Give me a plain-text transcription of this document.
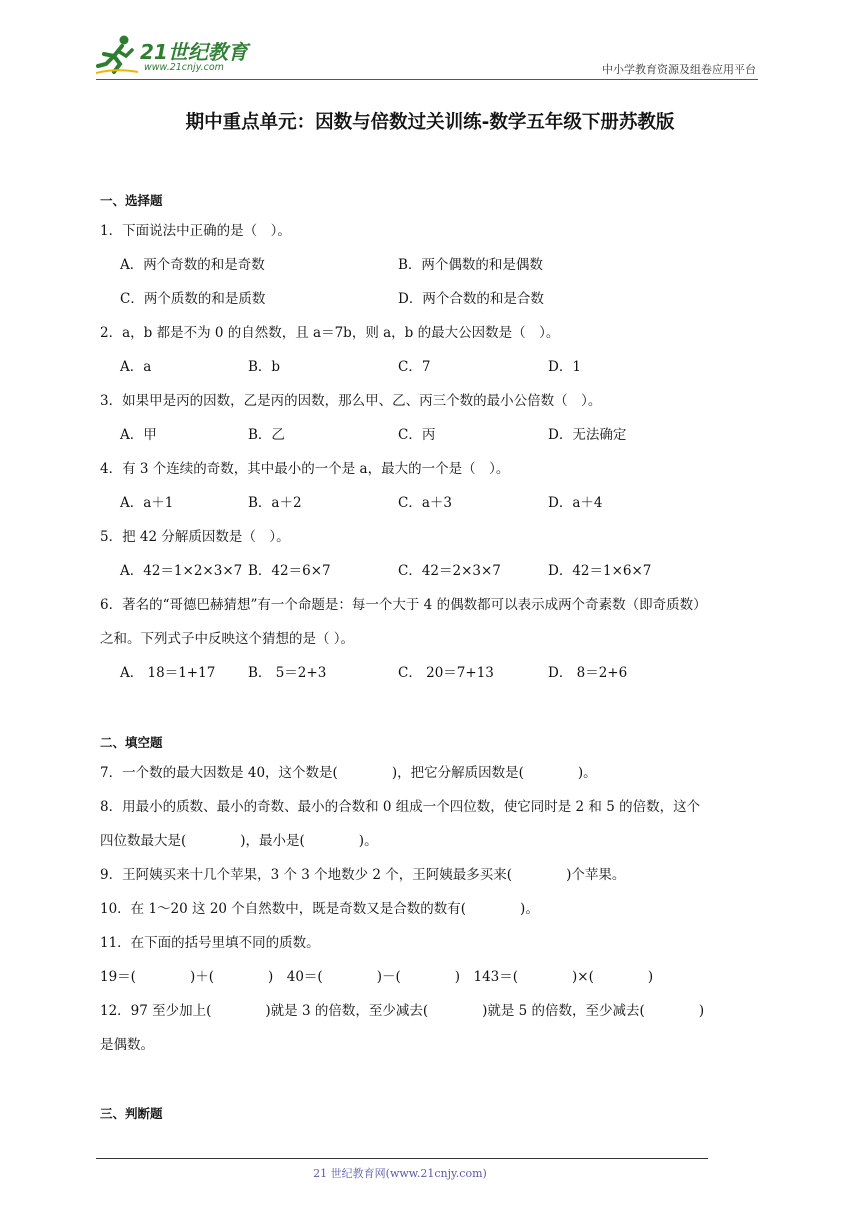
21世纪教育
www.21cnjy.com	中小学教育资源及组卷应用平台
期中重点单元：因数与倍数过关训练-数学五年级下册苏教版
一、选择题
1．下面说法中正确的是（　）。
A．两个奇数的和是奇数	B．两个偶数的和是偶数
C．两个质数的和是质数	D．两个合数的和是合数
2．a，b 都是不为 0 的自然数，且 a＝7b，则 a，b 的最大公因数是（　）。
A．a	B．b	C．7	D．1
3．如果甲是丙的因数，乙是丙的因数，那么甲、乙、丙三个数的最小公倍数（　）。
A．甲	B．乙	C．丙	D．无法确定
4．有 3 个连续的奇数，其中最小的一个是 a，最大的一个是（　）。
A．a＋1	B．a＋2	C．a＋3	D．a＋4
5．把 42 分解质因数是（　）。
A．42＝1×2×3×7 B．42＝6×7	C．42＝2×3×7	D．42＝1×6×7
6．著名的“哥德巴赫猜想”有一个命题是：每一个大于 4 的偶数都可以表示成两个奇素数（即奇质数）
之和。下列式子中反映这个猜想的是（ ）。
A． 18＝1+17 B． 5＝2+3	C． 20＝7+13	D． 8＝2+6
二、填空题
7．一个数的最大因数是 40，这个数是(　　　　)，把它分解质因数是(　　　　)。
8．用最小的质数、最小的奇数、最小的合数和 0 组成一个四位数，使它同时是 2 和 5 的倍数，这个
四位数最大是(　　　　)，最小是(　　　　)。
9．王阿姨买来十几个苹果，3 个 3 个地数少 2 个，王阿姨最多买来(　　　　)个苹果。
10．在 1～20 这 20 个自然数中，既是奇数又是合数的数有(　　　　)。
11．在下面的括号里填不同的质数。
19＝(　　　　)＋(　　　　)　40＝(　　　　)－(　　　　)　143＝(　　　　)×(　　　　)
12．97 至少加上(　　　　)就是 3 的倍数，至少减去(　　　　)就是 5 的倍数，至少减去(　　　　)
是偶数。
三、判断题
21 世纪教育网(www.21cnjy.com)
